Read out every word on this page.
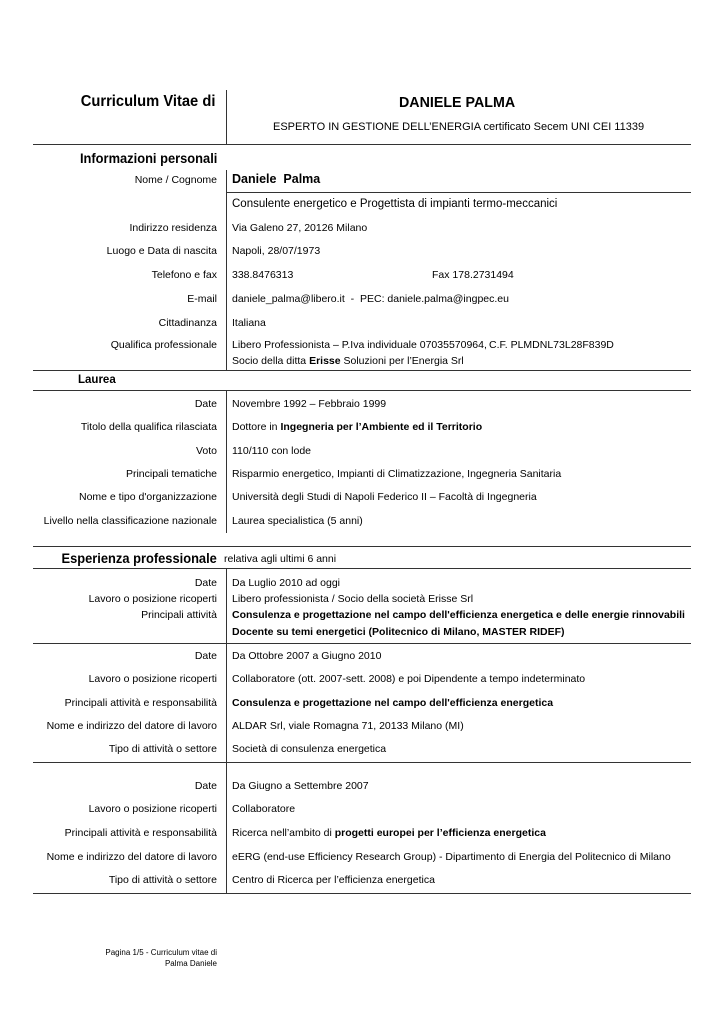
Curriculum Vitae di	DANIELE PALMA
ESPERTO IN GESTIONE DELL’ENERGIA certificato Secem UNI CEI 11339
Informazioni personali
Nome / Cognome Daniele  Palma
Consulente energetico e Progettista di impianti termo-meccanici
Indirizzo residenza Via Galeno 27, 20126 Milano
Luogo e Data di nascita Napoli, 28/07/1973
Telefono e fax 338.8476313	Fax 178.2731494
E-mail daniele_palma@libero.it  -  PEC: daniele.palma@ingpec.eu
Cittadinanza Italiana
Qualifica professionale Libero Professionista – P.Iva individuale 07035570964, C.F. PLMDNL73L28F839D
Socio della ditta Erisse Soluzioni per l’Energia Srl
Laurea
Date Novembre 1992 – Febbraio 1999
Titolo della qualifica rilasciata Dottore in Ingegneria per l’Ambiente ed il Territorio
Voto 110/110 con lode
Principali tematiche Risparmio energetico, Impianti di Climatizzazione, Ingegneria Sanitaria
Nome e tipo d'organizzazione Università degli Studi di Napoli Federico II – Facoltà di Ingegneria
Livello nella classificazione nazionale Laurea specialistica (5 anni)
Esperienza professionale relativa agli ultimi 6 anni
Date Da Luglio 2010 ad oggi
Lavoro o posizione ricoperti Libero professionista / Socio della società Erisse Srl
Principali attività Consulenza e progettazione nel campo dell'efficienza energetica e delle energie rinnovabili
Docente su temi energetici (Politecnico di Milano, MASTER RIDEF)
Date Da Ottobre 2007 a Giugno 2010
Lavoro o posizione ricoperti Collaboratore (ott. 2007-sett. 2008) e poi Dipendente a tempo indeterminato
Principali attività e responsabilità Consulenza e progettazione nel campo dell'efficienza energetica
Nome e indirizzo del datore di lavoro ALDAR Srl, viale Romagna 71, 20133 Milano (MI)
Tipo di attività o settore Società di consulenza energetica
Date Da Giugno a Settembre 2007
Lavoro o posizione ricoperti Collaboratore
Principali attività e responsabilità Ricerca nell’ambito di progetti europei per l’efficienza energetica
Nome e indirizzo del datore di lavoro eERG (end-use Efficiency Research Group) - Dipartimento di Energia del Politecnico di Milano
Tipo di attività o settore Centro di Ricerca per l’efficienza energetica
Pagina 1/5 - Curriculum vitae di
Palma Daniele
